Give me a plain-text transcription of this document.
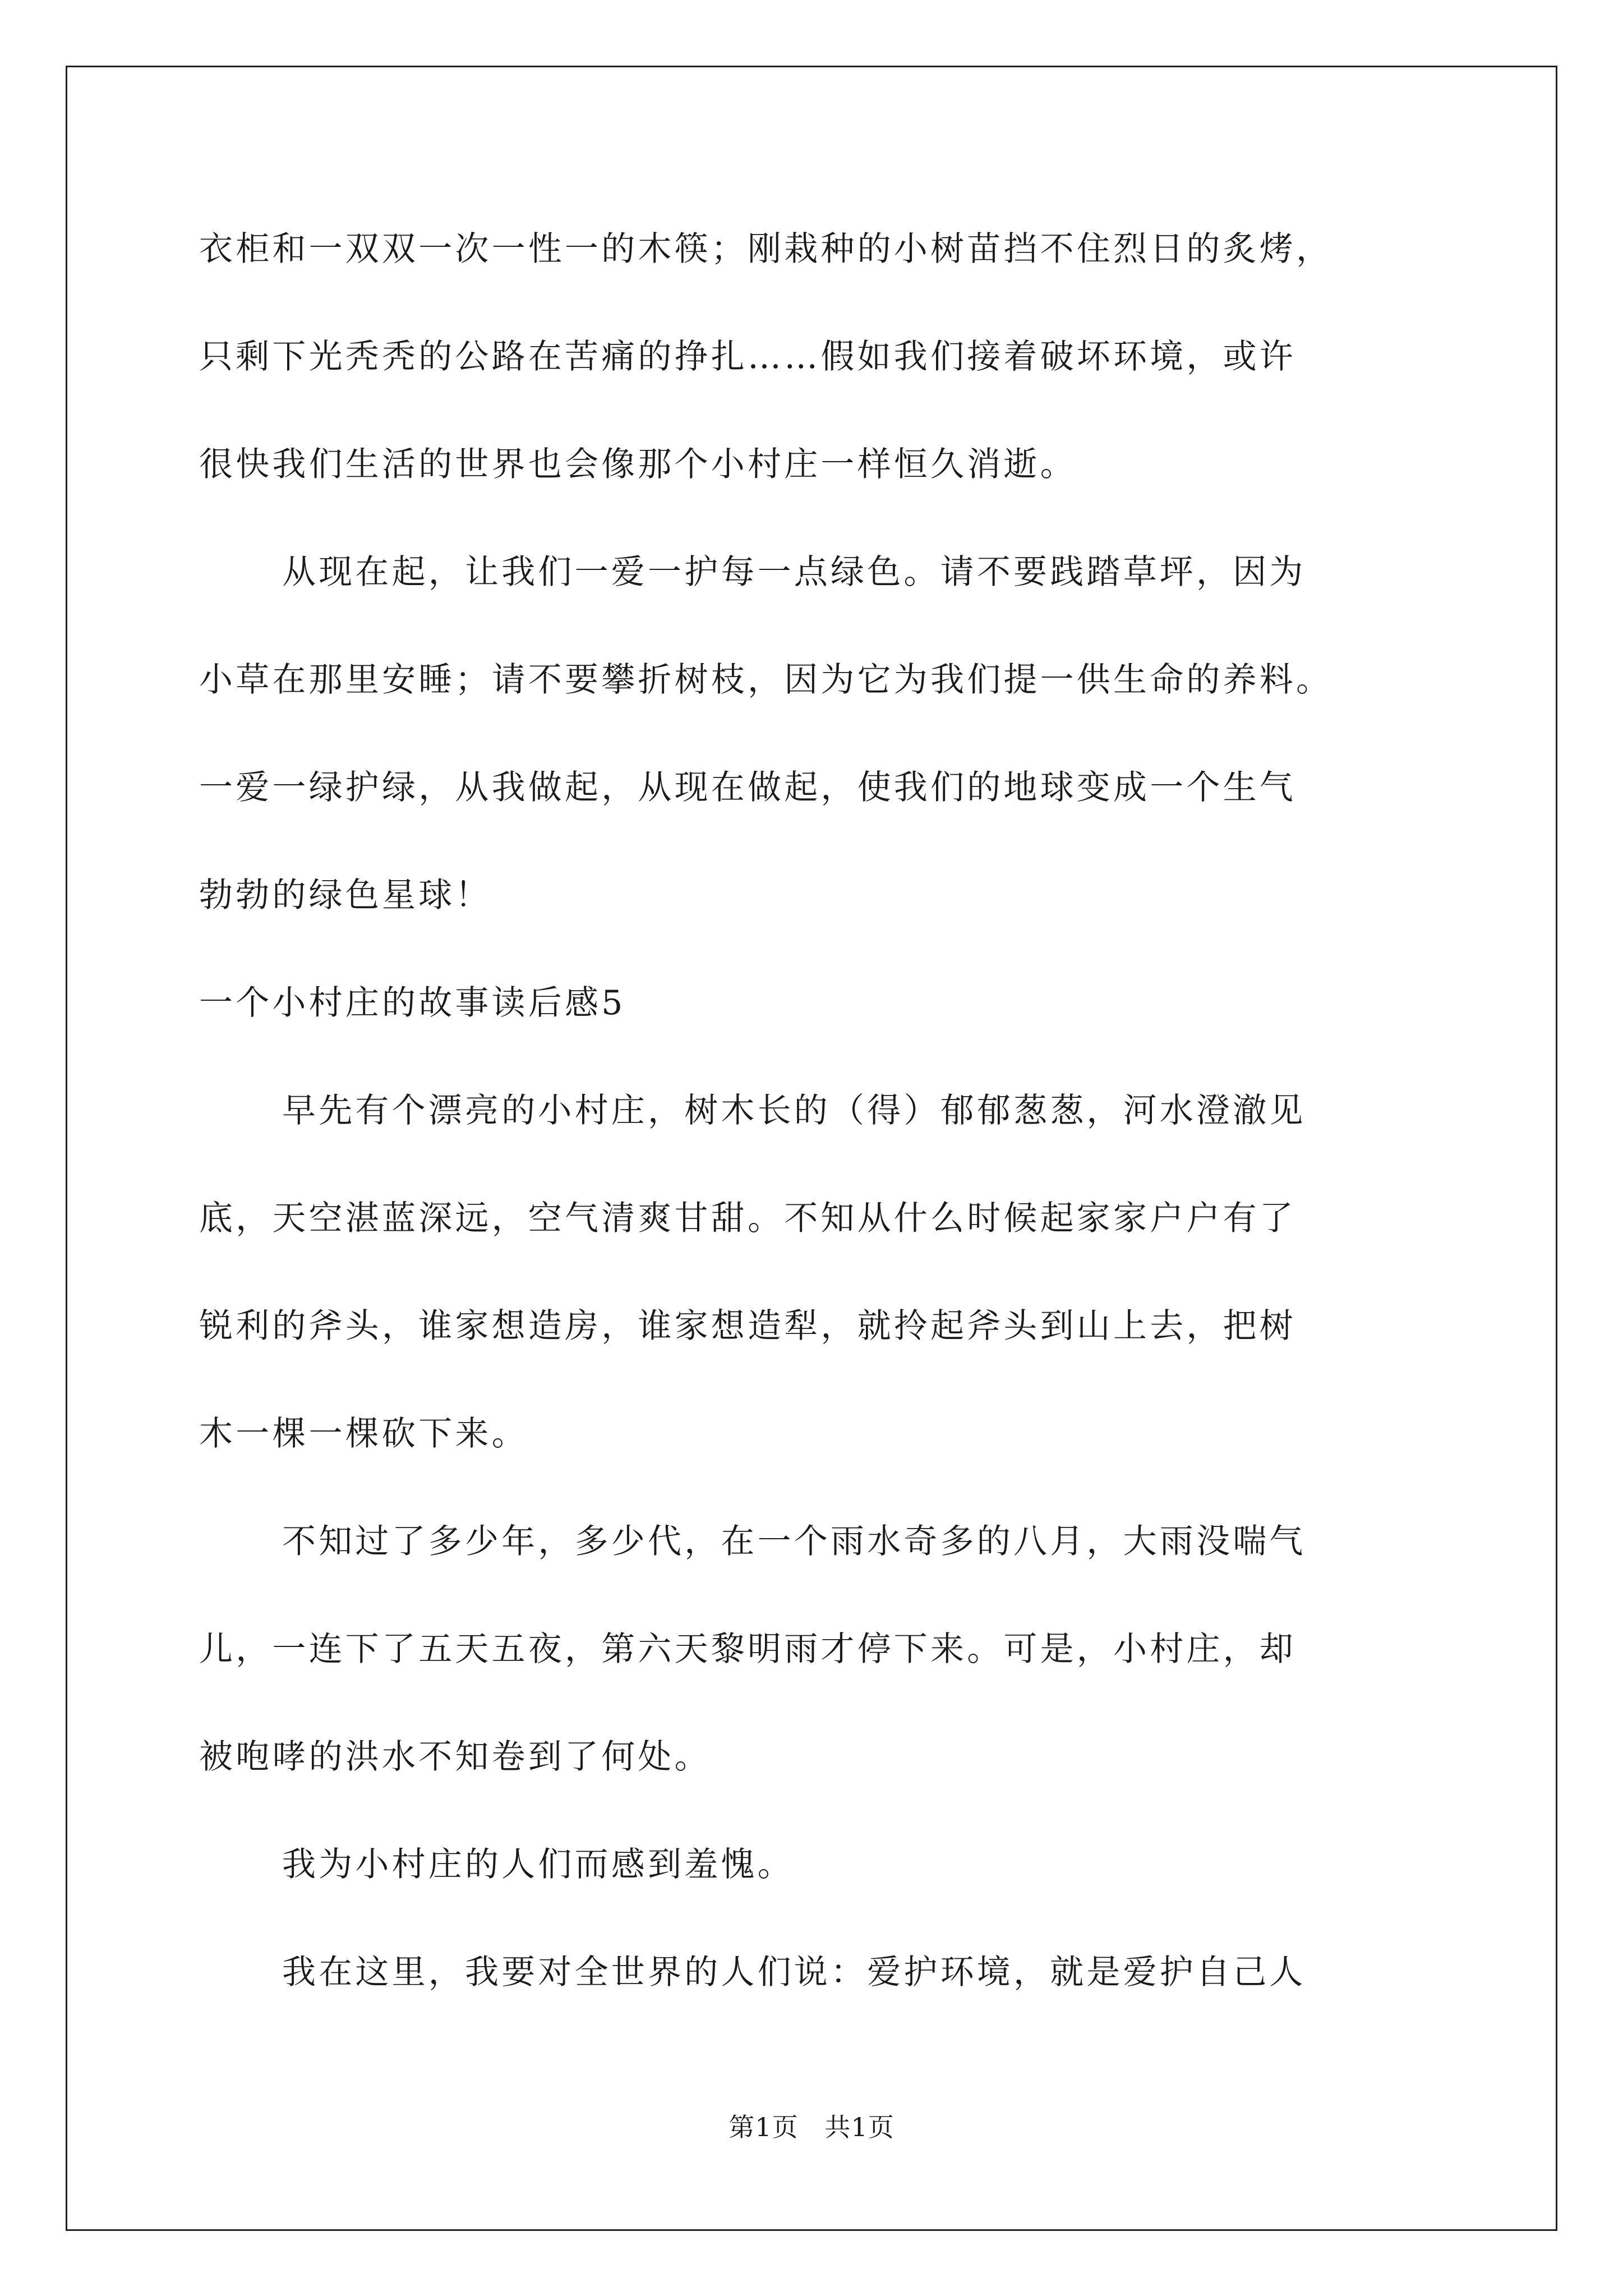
衣柜和一双双一次一性一的木筷；刚栽种的小树苗挡不住烈日的炙烤，
只剩下光秃秃的公路在苦痛的挣扎……假如我们接着破坏环境，或许
很快我们生活的世界也会像那个小村庄一样恒久消逝。
从现在起，让我们一爱一护每一点绿色。请不要践踏草坪，因为
小草在那里安睡；请不要攀折树枝，因为它为我们提一供生命的养料。
一爱一绿护绿，从我做起，从现在做起，使我们的地球变成一个生气
勃勃的绿色星球！
一个小村庄的故事读后感5
早先有个漂亮的小村庄，树木长的（得）郁郁葱葱，河水澄澈见
底，天空湛蓝深远，空气清爽甘甜。不知从什么时候起家家户户有了
锐利的斧头，谁家想造房，谁家想造犁，就拎起斧头到山上去，把树
木一棵一棵砍下来。
不知过了多少年，多少代，在一个雨水奇多的八月，大雨没喘气
儿，一连下了五天五夜，第六天黎明雨才停下来。可是，小村庄，却
被咆哮的洪水不知卷到了何处。
我为小村庄的人们而感到羞愧。
我在这里，我要对全世界的人们说：爱护环境，就是爱护自己人
第1页   共1页
